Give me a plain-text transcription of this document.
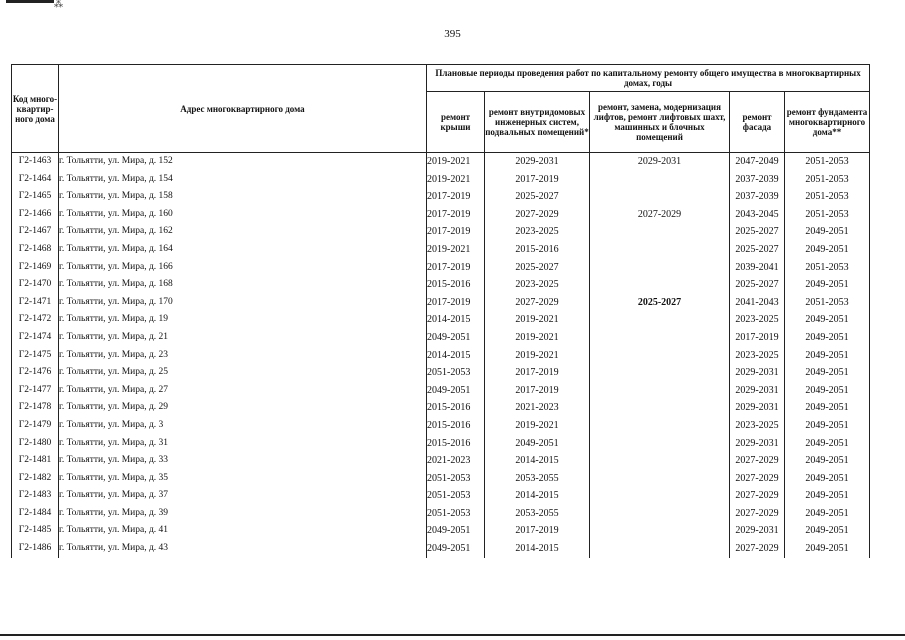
⁂
395
Код много-квартир-ного дома	Адрес многоквартирного дома	Плановые периоды проведения работ по капитальному ремонту общего имущества в многоквартирных домах, годы				
		ремонт крыши	ремонт внутридомовых инженерных систем, подвальных помещений*	ремонт, замена, модернизация лифтов, ремонт лифтовых шахт, машинных и блочных помещений	ремонт фасада	ремонт фундамента многоквартирного дома**
Г2-1463	г. Тольятти, ул. Мира, д. 152	2019-2021	2029-2031	2029-2031	2047-2049	2051-2053
Г2-1464	г. Тольятти, ул. Мира, д. 154	2019-2021	2017-2019		2037-2039	2051-2053
Г2-1465	г. Тольятти, ул. Мира, д. 158	2017-2019	2025-2027		2037-2039	2051-2053
Г2-1466	г. Тольятти, ул. Мира, д. 160	2017-2019	2027-2029	2027-2029	2043-2045	2051-2053
Г2-1467	г. Тольятти, ул. Мира, д. 162	2017-2019	2023-2025		2025-2027	2049-2051
Г2-1468	г. Тольятти, ул. Мира, д. 164	2019-2021	2015-2016		2025-2027	2049-2051
Г2-1469	г. Тольятти, ул. Мира, д. 166	2017-2019	2025-2027		2039-2041	2051-2053
Г2-1470	г. Тольятти, ул. Мира, д. 168	2015-2016	2023-2025		2025-2027	2049-2051
Г2-1471	г. Тольятти, ул. Мира, д. 170	2017-2019	2027-2029	2025-2027	2041-2043	2051-2053
Г2-1472	г. Тольятти, ул. Мира, д. 19	2014-2015	2019-2021		2023-2025	2049-2051
Г2-1474	г. Тольятти, ул. Мира, д. 21	2049-2051	2019-2021		2017-2019	2049-2051
Г2-1475	г. Тольятти, ул. Мира, д. 23	2014-2015	2019-2021		2023-2025	2049-2051
Г2-1476	г. Тольятти, ул. Мира, д. 25	2051-2053	2017-2019		2029-2031	2049-2051
Г2-1477	г. Тольятти, ул. Мира, д. 27	2049-2051	2017-2019		2029-2031	2049-2051
Г2-1478	г. Тольятти, ул. Мира, д. 29	2015-2016	2021-2023		2029-2031	2049-2051
Г2-1479	г. Тольятти, ул. Мира, д. 3	2015-2016	2019-2021		2023-2025	2049-2051
Г2-1480	г. Тольятти, ул. Мира, д. 31	2015-2016	2049-2051		2029-2031	2049-2051
Г2-1481	г. Тольятти, ул. Мира, д. 33	2021-2023	2014-2015		2027-2029	2049-2051
Г2-1482	г. Тольятти, ул. Мира, д. 35	2051-2053	2053-2055		2027-2029	2049-2051
Г2-1483	г. Тольятти, ул. Мира, д. 37	2051-2053	2014-2015		2027-2029	2049-2051
Г2-1484	г. Тольятти, ул. Мира, д. 39	2051-2053	2053-2055		2027-2029	2049-2051
Г2-1485	г. Тольятти, ул. Мира, д. 41	2049-2051	2017-2019		2029-2031	2049-2051
Г2-1486	г. Тольятти, ул. Мира, д. 43	2049-2051	2014-2015		2027-2029	2049-2051
